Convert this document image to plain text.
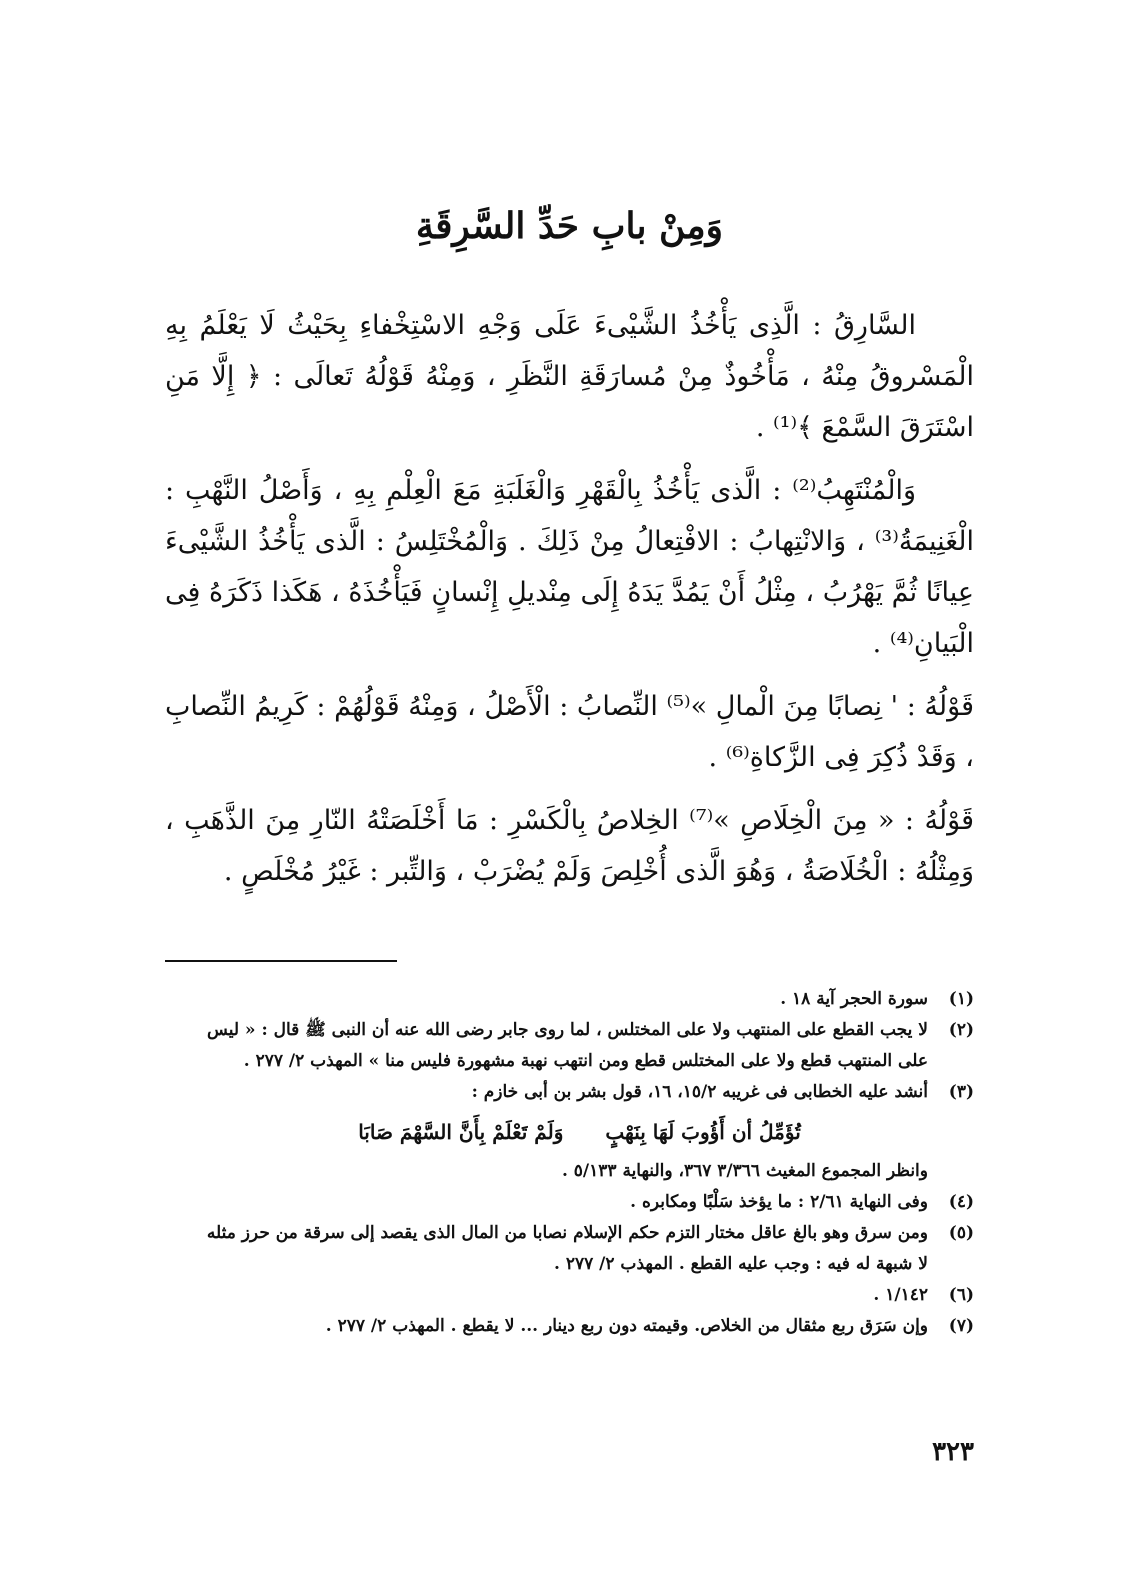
وَمِنْ بابِ حَدِّ السَّرِقَةِ

السَّارِقُ : الَّذِى يَأْخُذُ الشَّيْىءَ عَلَى وَجْهِ الاسْتِخْفاءِ بِحَيْثُ لَا يَعْلَمُ بِهِ الْمَسْروقُ مِنْهُ ، مَأْخُوذٌ مِنْ مُسارَقَةِ النَّظَرِ ، وَمِنْهُ قَوْلُهُ تَعالَى : ﴿ إِلَّا مَنِ اسْتَرَقَ السَّمْعَ ﴾⁽¹⁾ .

وَالْمُنْتَهِبُ⁽²⁾ : الَّذى يَأْخُذُ بِالْقَهْرِ وَالْغَلَبَةِ مَعَ الْعِلْمِ بِهِ ، وَأَصْلُ النَّهْبِ : الْغَنِيمَةُ⁽³⁾ ، وَالانْتِهابُ : الافْتِعالُ مِنْ ذَلِكَ . وَالْمُخْتَلِسُ : الَّذى يَأْخُذُ الشَّيْىءَ عِيانًا ثُمَّ يَهْرُبُ ، مِثْلُ أَنْ يَمُدَّ يَدَهُ إِلَى مِنْديلِ إِنْسانٍ فَيَأْخُذَهُ ، هَكَذا ذَكَرَهُ فِى الْبَيانِ⁽⁴⁾ .

قَوْلُهُ : ' نِصابًا مِنَ الْمالِ »⁽⁵⁾ النِّصابُ : الْأَصْلُ ، وَمِنْهُ قَوْلُهُمْ : كَرِيمُ النِّصابِ ، وَقَدْ ذُكِرَ فِى الزَّكاةِ⁽⁶⁾ .

قَوْلُهُ : « مِنَ الْخِلَاصِ »⁽⁷⁾ الخِلاصُ بِالْكَسْرِ : مَا أَخْلَصَتْهُ النّارِ مِنَ الذَّهَبِ ، وَمِثْلُهُ : الْخُلَاصَةُ ، وَهُوَ الَّذى أُخْلِصَ وَلَمْ يُضْرَبْ ، وَالتِّبر : غَيْرُ مُخْلَصٍ .

(١)
سورة الحجر آية ١٨ .
(٢)
لا يجب القطع على المنتهب ولا على المختلس ، لما روى جابر رضى الله عنه أن النبى ﷺ قال : « ليس
على المنتهب قطع ولا على المختلس قطع ومن انتهب نهبة مشهورة فليس منا » المهذب ٢/ ٢٧٧ .
(٣)
أنشد عليه الخطابى فى غريبه ١٥/٢، ١٦، قول بشر بن أبى خازم :
تُؤَمِّلُ أن أَؤُوبَ لَهَا بِنَهْبٍ
وَلَمْ تَعْلَمْ بِأَنَّ السَّهْمَ صَابَا
وانظر المجموع المغيث ٣/٣٦٦ ٣٦٧، والنهاية ٥/١٣٣ .
(٤)
وفى النهاية ٢/٦١ : ما يؤخذ سَلْبًا ومكابره .
(٥)
ومن سرق وهو بالغ عاقل مختار التزم حكم الإسلام نصابا من المال الذى يقصد إلى سرقة من حرز مثله
لا شبهة له فيه : وجب عليه القطع . المهذب ٢/ ٢٧٧ .
(٦)
١/١٤٢ .
(٧)
وإن سَرَق ربع مثقال من الخلاص. وقيمته دون ربع دينار ... لا يقطع . المهذب ٢/ ٢٧٧ .
٣٢٣
